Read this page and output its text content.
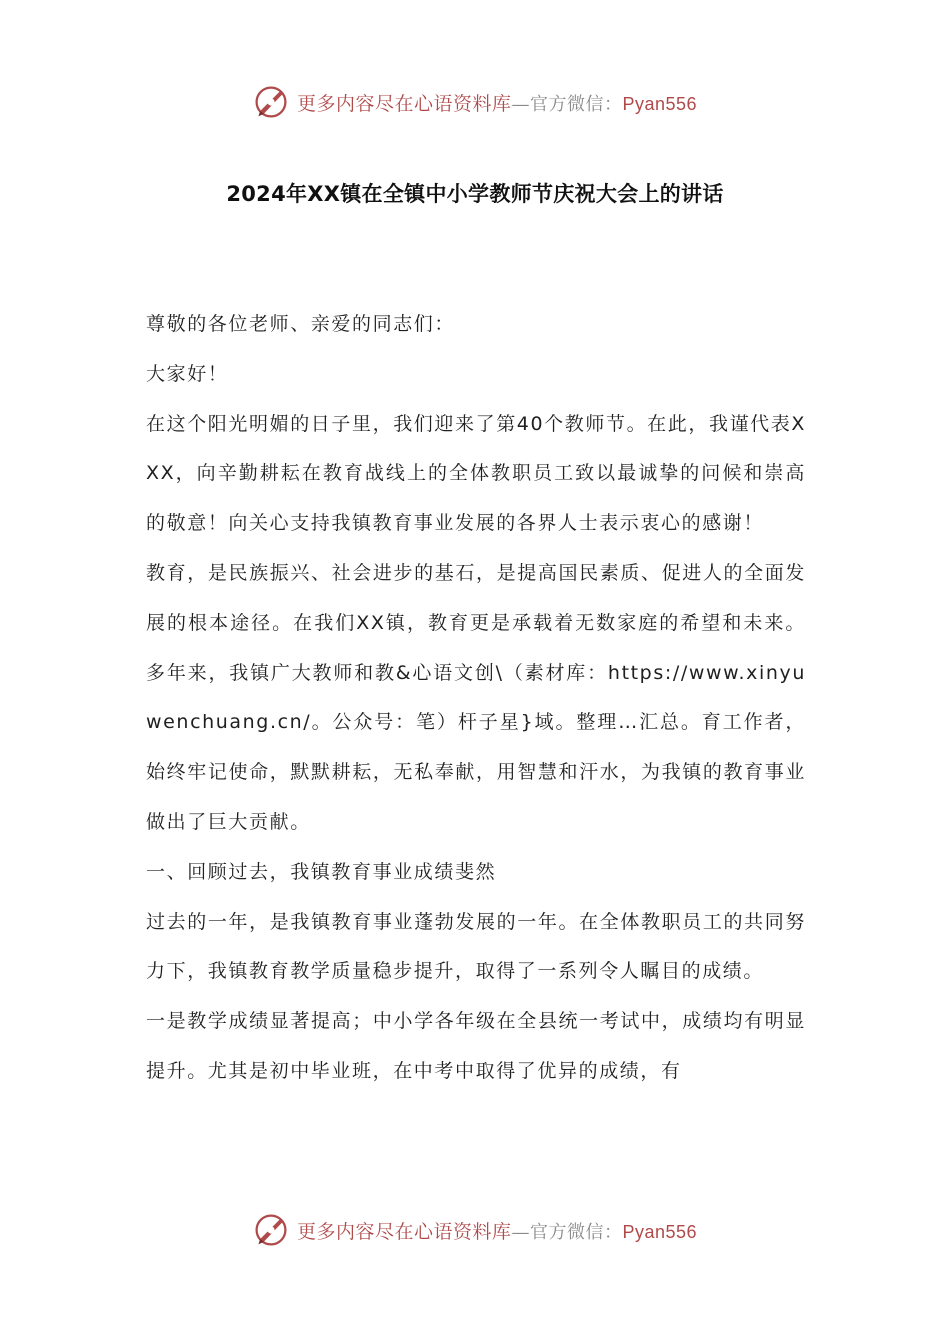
更多内容尽在心语资料库—官方微信：Pyan556
2024年XX镇在全镇中小学教师节庆祝大会上的讲话

尊敬的各位老师、亲爱的同志们：

大家好！

在这个阳光明媚的日子里，我们迎来了第40个教师节。在此，我谨代表XXX，向辛勤耕耘在教育战线上的全体教职员工致以最诚挚的问候和崇高的敬意！向关心支持我镇教育事业发展的各界人士表示衷心的感谢！

教育，是民族振兴、社会进步的基石，是提高国民素质、促进人的全面发展的根本途径。在我们XX镇，教育更是承载着无数家庭的希望和未来。多年来，我镇广大教师和教&心语文创\（素材库：https://www.xinyuwenchuang.cn/。公众号：笔）杆子星}域。整理…汇总。育工作者，始终牢记使命，默默耕耘，无私奉献，用智慧和汗水，为我镇的教育事业做出了巨大贡献。

一、回顾过去，我镇教育事业成绩斐然

过去的一年，是我镇教育事业蓬勃发展的一年。在全体教职员工的共同努力下，我镇教育教学质量稳步提升，取得了一系列令人瞩目的成绩。

一是教学成绩显著提高；中小学各年级在全县统一考试中，成绩均有明显提升。尤其是初中毕业班，在中考中取得了优异的成绩，有

更多内容尽在心语资料库—官方微信：Pyan556
